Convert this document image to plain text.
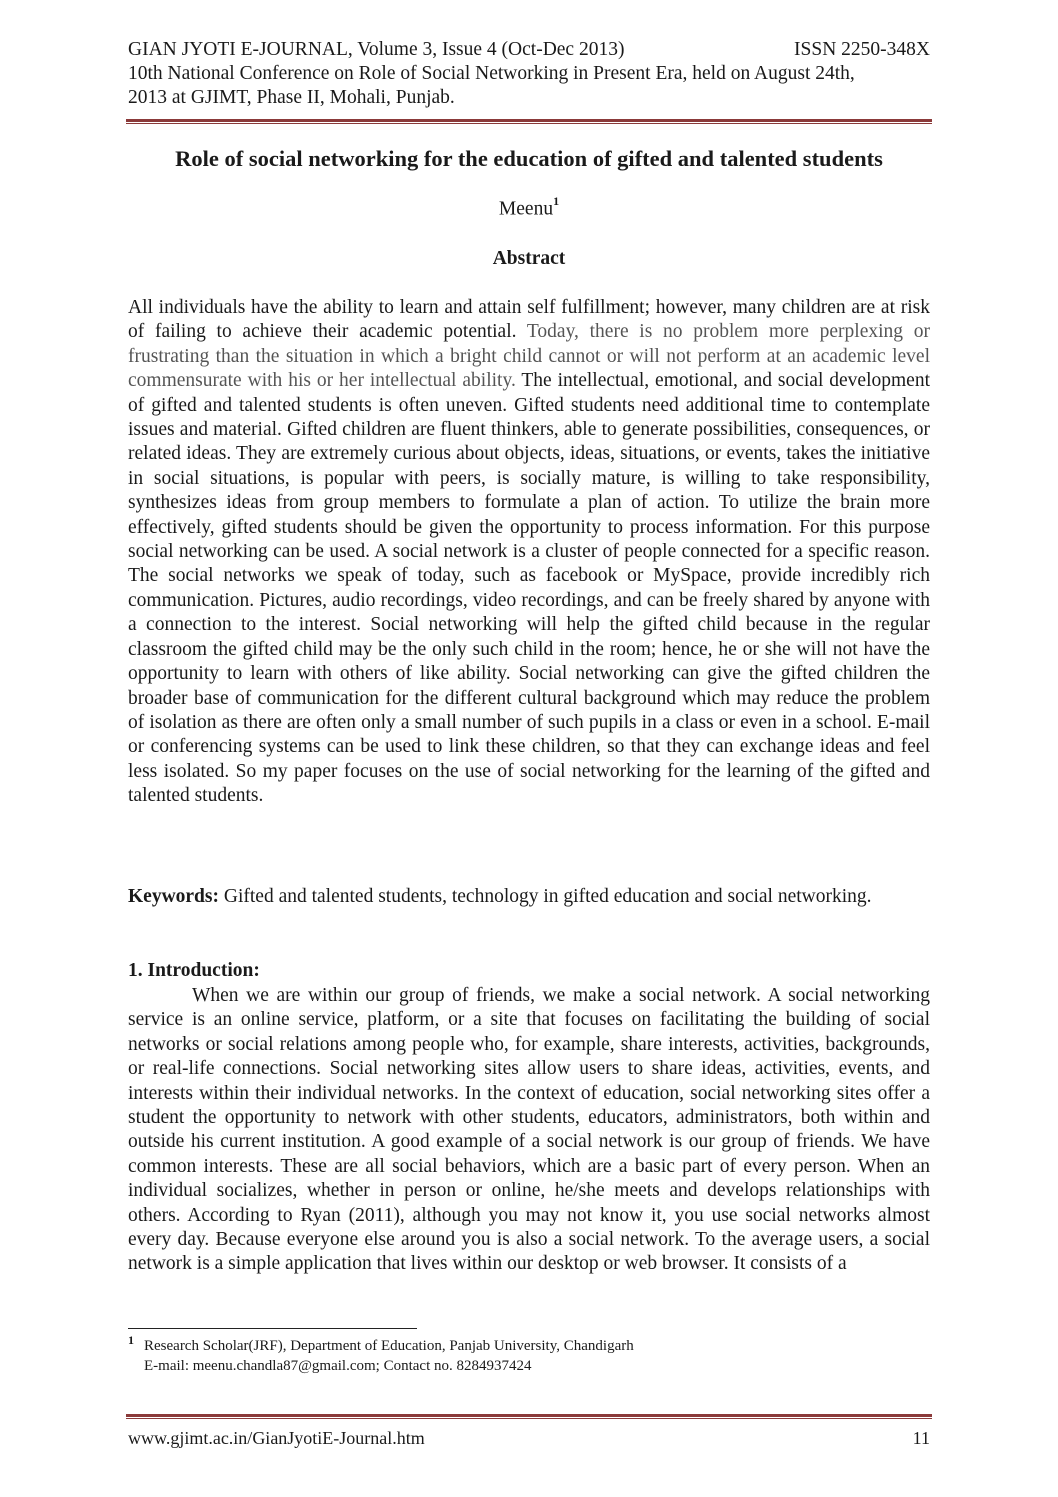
GIAN JYOTI E-JOURNAL, Volume 3, Issue 4 (Oct-Dec 2013)	ISSN 2250-348X
10th National Conference on Role of Social Networking in Present Era, held on August 24th,
2013 at GJIMT, Phase II, Mohali, Punjab.
Role of social networking for the education of gifted and talented students
Meenu$^1$
Abstract
All individuals have the ability to learn and attain self fulfillment; however, many children are at risk of failing to achieve their academic potential. Today, there is no problem more perplexing or frustrating than the situation in which a bright child cannot or will not perform at an academic level commensurate with his or her intellectual ability. The intellectual, emotional, and social development of gifted and talented students is often uneven. Gifted students need additional time to contemplate issues and material. Gifted children are fluent thinkers, able to generate possibilities, consequences, or related ideas. They are extremely curious about objects, ideas, situations, or events, takes the initiative in social situations, is popular with peers, is socially mature, is willing to take responsibility, synthesizes ideas from group members to formulate a plan of action. To utilize the brain more effectively, gifted students should be given the opportunity to process information. For this purpose social networking can be used. A social network is a cluster of people connected for a specific reason. The social networks we speak of today, such as facebook or MySpace, provide incredibly rich communication. Pictures, audio recordings, video recordings, and can be freely shared by anyone with a connection to the interest. Social networking will help the gifted child because in the regular classroom the gifted child may be the only such child in the room; hence, he or she will not have the opportunity to learn with others of like ability. Social networking can give the gifted children the broader base of communication for the different cultural background which may reduce the problem of isolation as there are often only a small number of such pupils in a class or even in a school. E-mail or conferencing systems can be used to link these children, so that they can exchange ideas and feel less isolated. So my paper focuses on the use of social networking for the learning of the gifted and talented students.
Keywords: Gifted and talented students, technology in gifted education and social networking.
1. Introduction:
When we are within our group of friends, we make a social network. A social networking service is an online service, platform, or a site that focuses on facilitating the building of social networks or social relations among people who, for example, share interests, activities, backgrounds, or real-life connections. Social networking sites allow users to share ideas, activities, events, and interests within their individual networks. In the context of education, social networking sites offer a student the opportunity to network with other students, educators, administrators, both within and outside his current institution. A good example of a social network is our group of friends. We have common interests. These are all social behaviors, which are a basic part of every person. When an individual socializes, whether in person or online, he/she meets and develops relationships with others. According to Ryan (2011), although you may not know it, you use social networks almost every day. Because everyone else around you is also a social network. To the average users, a social network is a simple application that lives within our desktop or web browser. It consists of a
$^1$ Research Scholar(JRF), Department of Education, Panjab University, Chandigarh
E-mail: meenu.chandla87@gmail.com; Contact no. 8284937424
www.gjimt.ac.in/GianJyotiE-Journal.htm	11
